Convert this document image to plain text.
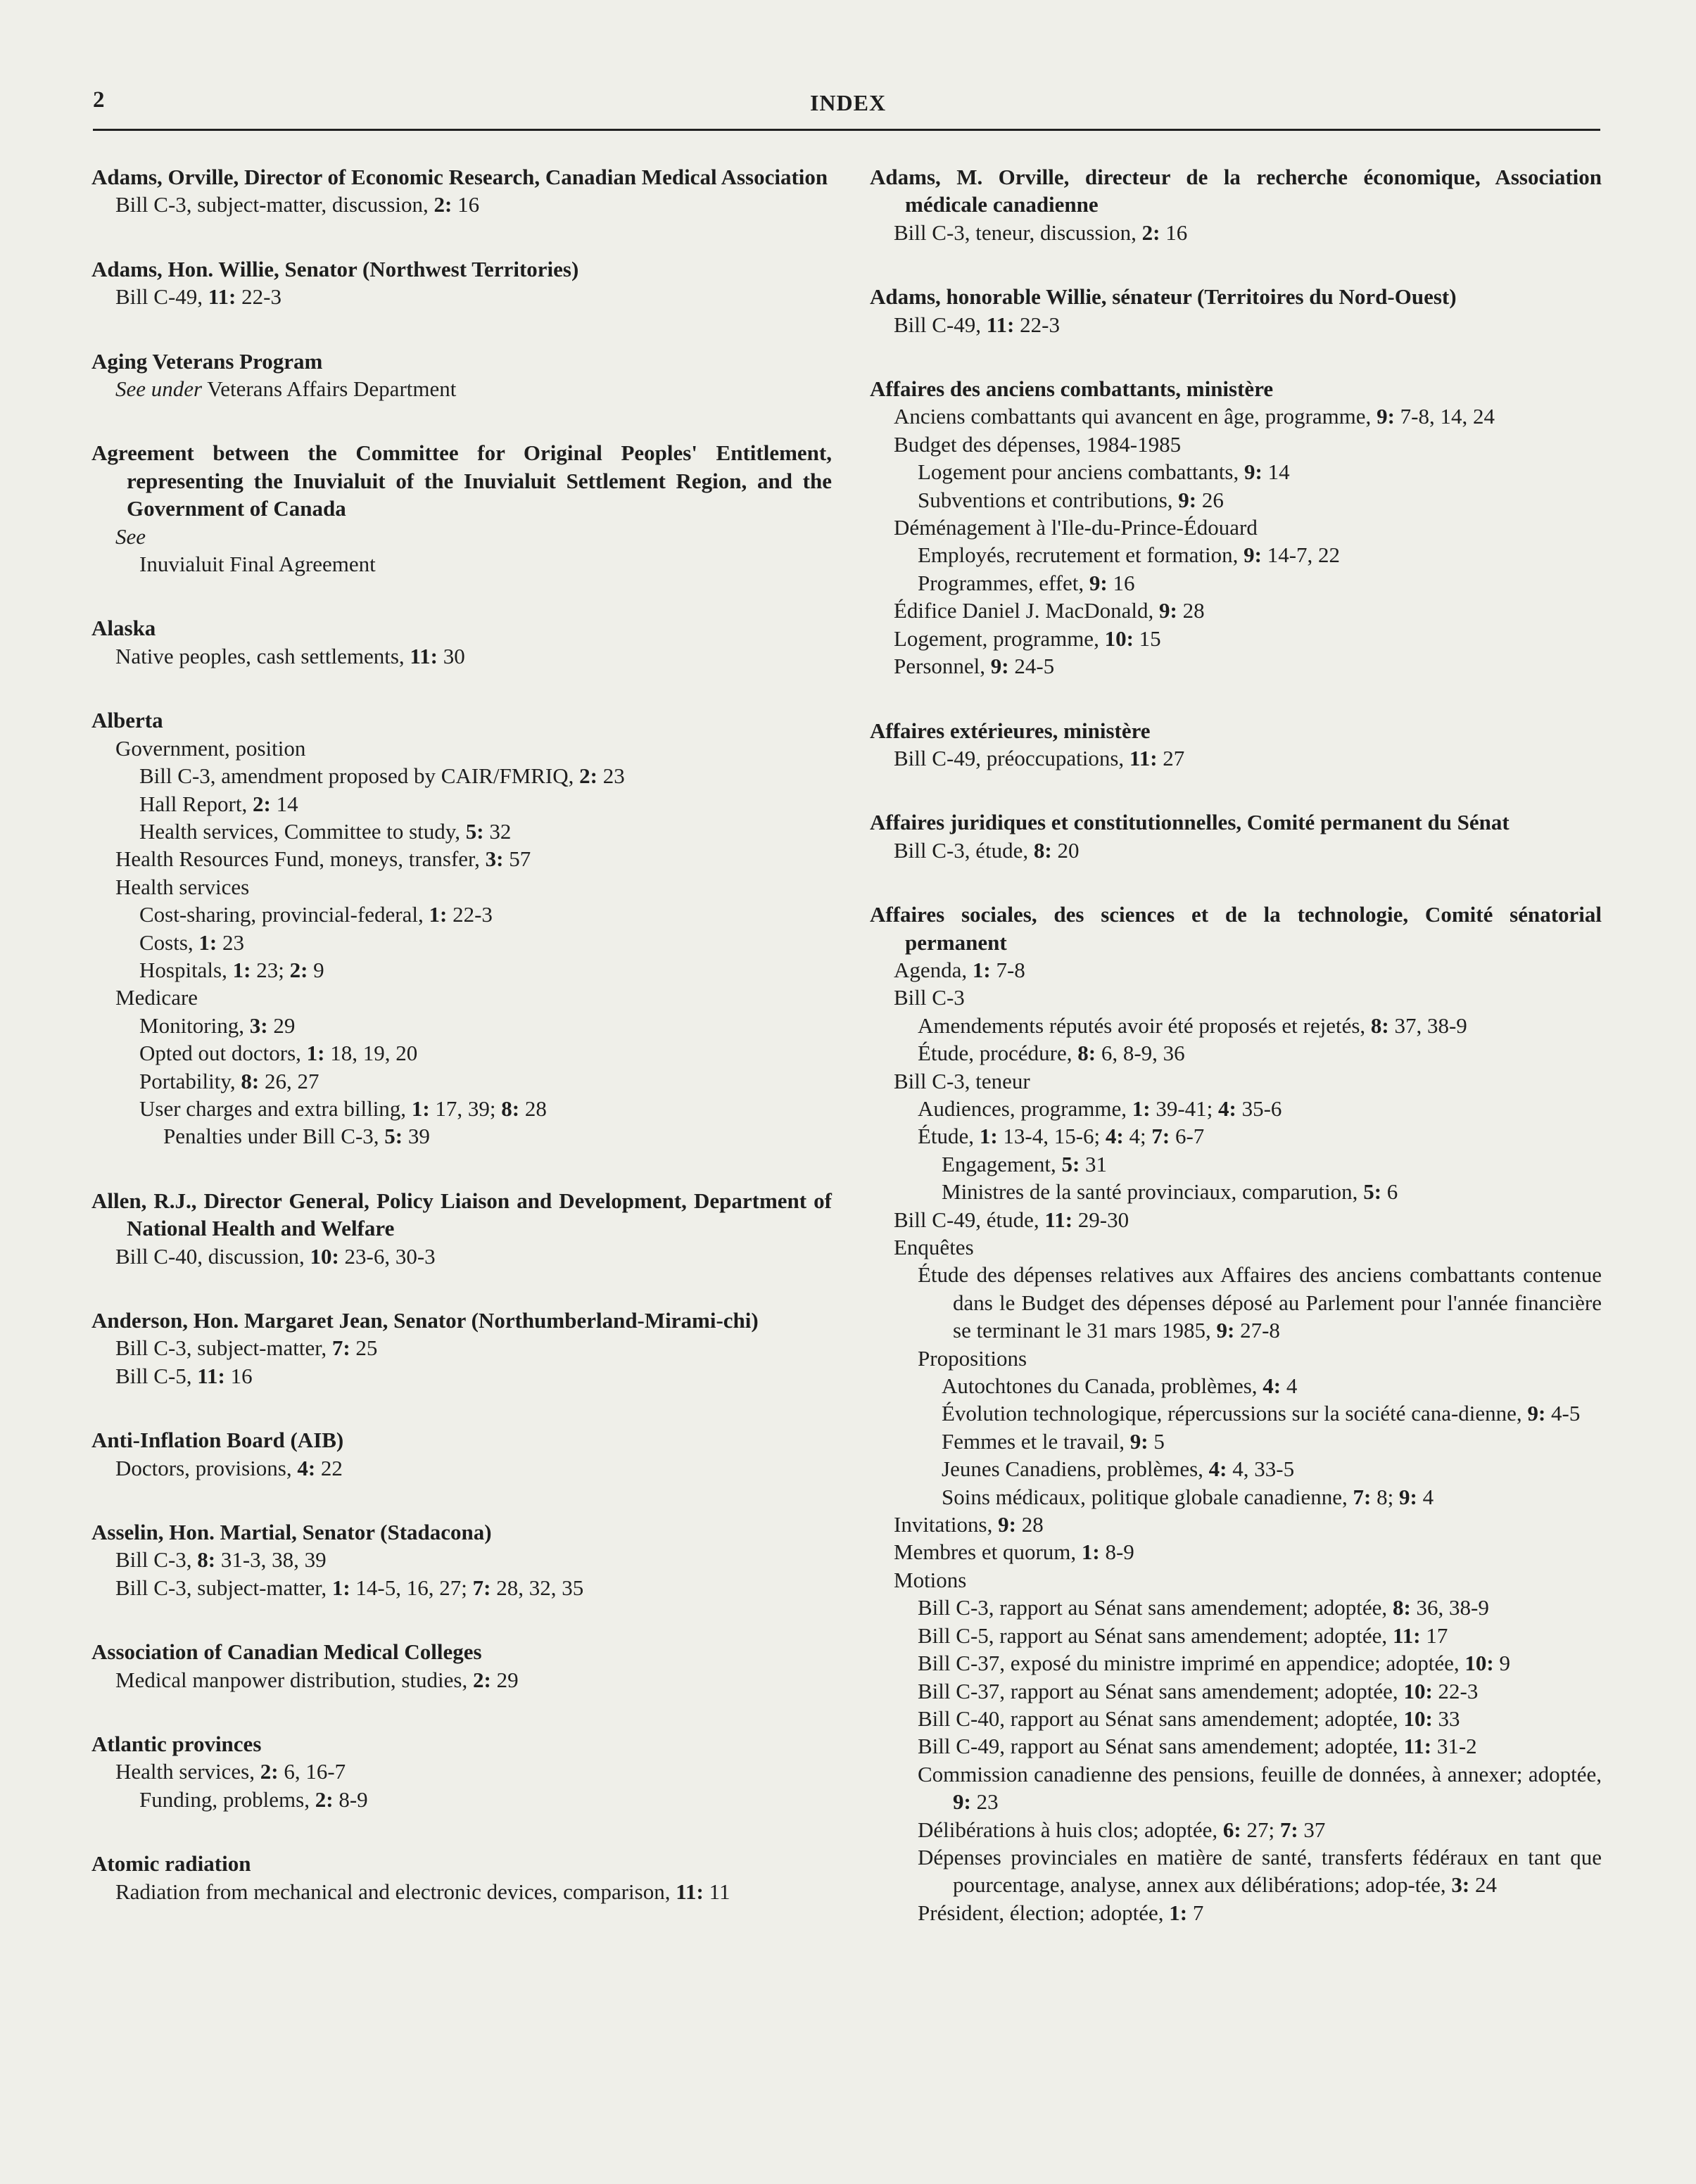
2	INDEX
Adams, Orville, Director of Economic Research, Canadian Medical Association
Bill C-3, subject-matter, discussion, 2: 16
Adams, Hon. Willie, Senator (Northwest Territories)
Bill C-49, 11: 22-3
Aging Veterans Program
See under Veterans Affairs Department
Agreement between the Committee for Original Peoples' Entitlement, representing the Inuvialuit of the Inuvialuit Settlement Region, and the Government of Canada
See
Inuvialuit Final Agreement
Alaska
Native peoples, cash settlements, 11: 30
Alberta
Government, position
Bill C-3, amendment proposed by CAIR/FMRIQ, 2: 23
Hall Report, 2: 14
Health services, Committee to study, 5: 32
Health Resources Fund, moneys, transfer, 3: 57
Health services
Cost-sharing, provincial-federal, 1: 22-3
Costs, 1: 23
Hospitals, 1: 23; 2: 9
Medicare
Monitoring, 3: 29
Opted out doctors, 1: 18, 19, 20
Portability, 8: 26, 27
User charges and extra billing, 1: 17, 39; 8: 28
Penalties under Bill C-3, 5: 39
Allen, R.J., Director General, Policy Liaison and Development, Department of National Health and Welfare
Bill C-40, discussion, 10: 23-6, 30-3
Anderson, Hon. Margaret Jean, Senator (Northumberland-Mirami-chi)
Bill C-3, subject-matter, 7: 25
Bill C-5, 11: 16
Anti-Inflation Board (AIB)
Doctors, provisions, 4: 22
Asselin, Hon. Martial, Senator (Stadacona)
Bill C-3, 8: 31-3, 38, 39
Bill C-3, subject-matter, 1: 14-5, 16, 27; 7: 28, 32, 35
Association of Canadian Medical Colleges
Medical manpower distribution, studies, 2: 29
Atlantic provinces
Health services, 2: 6, 16-7
Funding, problems, 2: 8-9
Atomic radiation
Radiation from mechanical and electronic devices, comparison, 11: 11
Adams, M. Orville, directeur de la recherche économique, Association médicale canadienne
Bill C-3, teneur, discussion, 2: 16
Adams, honorable Willie, sénateur (Territoires du Nord-Ouest)
Bill C-49, 11: 22-3
Affaires des anciens combattants, ministère
Anciens combattants qui avancent en âge, programme, 9: 7-8, 14, 24
Budget des dépenses, 1984-1985
Logement pour anciens combattants, 9: 14
Subventions et contributions, 9: 26
Déménagement à l'Ile-du-Prince-Édouard
Employés, recrutement et formation, 9: 14-7, 22
Programmes, effet, 9: 16
Édifice Daniel J. MacDonald, 9: 28
Logement, programme, 10: 15
Personnel, 9: 24-5
Affaires extérieures, ministère
Bill C-49, préoccupations, 11: 27
Affaires juridiques et constitutionnelles, Comité permanent du Sénat
Bill C-3, étude, 8: 20
Affaires sociales, des sciences et de la technologie, Comité sénatorial permanent
Agenda, 1: 7-8
Bill C-3
Amendements réputés avoir été proposés et rejetés, 8: 37, 38-9
Étude, procédure, 8: 6, 8-9, 36
Bill C-3, teneur
Audiences, programme, 1: 39-41; 4: 35-6
Étude, 1: 13-4, 15-6; 4: 4; 7: 6-7
Engagement, 5: 31
Ministres de la santé provinciaux, comparution, 5: 6
Bill C-49, étude, 11: 29-30
Enquêtes
Étude des dépenses relatives aux Affaires des anciens combattants contenue dans le Budget des dépenses déposé au Parlement pour l'année financière se terminant le 31 mars 1985, 9: 27-8
Propositions
Autochtones du Canada, problèmes, 4: 4
Évolution technologique, répercussions sur la société cana-dienne, 9: 4-5
Femmes et le travail, 9: 5
Jeunes Canadiens, problèmes, 4: 4, 33-5
Soins médicaux, politique globale canadienne, 7: 8; 9: 4
Invitations, 9: 28
Membres et quorum, 1: 8-9
Motions
Bill C-3, rapport au Sénat sans amendement; adoptée, 8: 36, 38-9
Bill C-5, rapport au Sénat sans amendement; adoptée, 11: 17
Bill C-37, exposé du ministre imprimé en appendice; adoptée, 10: 9
Bill C-37, rapport au Sénat sans amendement; adoptée, 10: 22-3
Bill C-40, rapport au Sénat sans amendement; adoptée, 10: 33
Bill C-49, rapport au Sénat sans amendement; adoptée, 11: 31-2
Commission canadienne des pensions, feuille de données, à annexer; adoptée, 9: 23
Délibérations à huis clos; adoptée, 6: 27; 7: 37
Dépenses provinciales en matière de santé, transferts fédéraux en tant que pourcentage, analyse, annex aux délibérations; adop-tée, 3: 24
Président, élection; adoptée, 1: 7
